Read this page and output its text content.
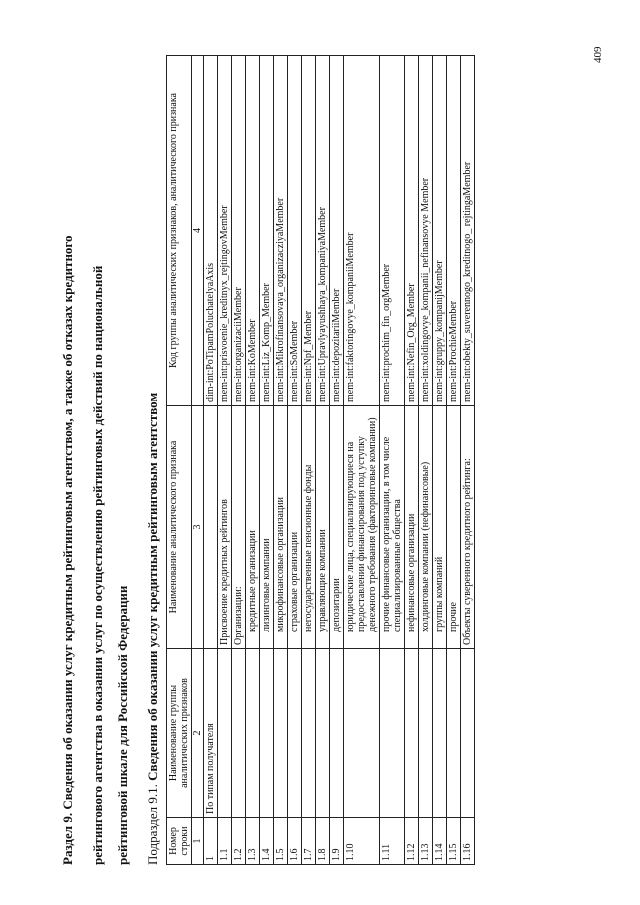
409
Раздел 9. Сведения об оказании услуг кредитным рейтинговым агентством, а также об отказах кредитного рейтингового агентства в оказании услуг по осуществлению рейтинговых действий по национальной рейтинговой шкале для Российской Федерации Подраздел 9.1. Сведения об оказании услуг кредитным рейтинговым агентством
Номер строки	Наименование группы аналитических признаков	Наименование аналитического признака	Код группы аналитических признаков, аналитического признака
1	2	3	4
1	По типам получателя		dim-int:PoTipamPoluchatelyaAxis
1.1		Присвоение кредитных рейтингов	mem-int:prisvoenie_kreditnyx_rejtingovMember
1.2		Организации:	mem-int:organizaciiMember
1.3		кредитные организации	mem-int:KoMember
1.4		лизинговые компании	mem-int:Liz_Komp_Member
1.5		микрофинансовые организации	mem-int:Mikrofinansovaya_organizacziyaMember
1.6		страховые организации	mem-int:SoMember
1.7		негосударственные пенсионные фонды	mem-int:Npf_Member
1.8		управляющие компании	mem-int:Upravlyayushhaya_kompaniyaMember
1.9		депозитарии	mem-int:depozitariiMember
1.10		юридические лица, специализирующиеся на предоставлении финансирования под уступку денежного требования (факторинговые компании)	mem-int:faktoringovye_kompaniiMember
1.11		прочие финансовые организации, в том числе специализированные общества	mem-int:prochim_fin_orgMember
1.12		нефинансовые организации	mem-int:Nefin_Org_Member
1.13		холдинговые компании (нефинансовые)	mem-int:xoldingovye_kompanii_nefinansovye Member
1.14		группы компаний	mem-int:gruppy_kompanijMember
1.15		прочие	mem-int:ProchieMember
1.16		Объекты суверенного кредитного рейтинга:	mem-int:obekty_suverennogo_kreditnogo_ rejtingaMember
